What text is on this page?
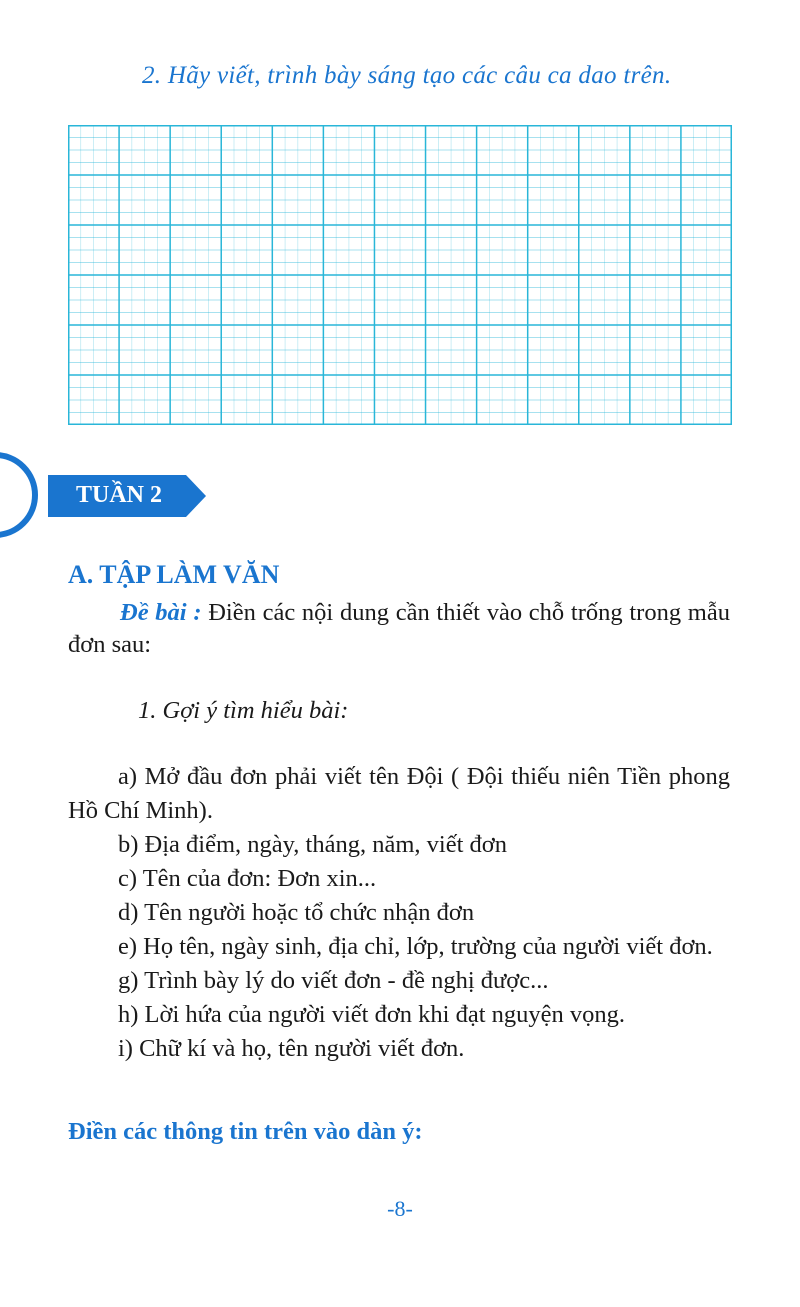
2. Hãy viết, trình bày sáng tạo các câu ca dao trên.
TUẦN 2
A. TẬP LÀM VĂN
Đề bài : Điền các nội dung cần thiết vào chỗ trống trong mẫu đơn sau:
1. Gợi ý tìm hiểu bài:
a) Mở đầu đơn phải viết tên Đội ( Đội thiếu niên Tiền phong Hồ Chí Minh).
b) Địa điểm, ngày, tháng, năm, viết đơn
c) Tên của đơn: Đơn xin...
d) Tên người hoặc tổ chức nhận đơn
e) Họ tên, ngày sinh, địa chỉ, lớp, trường của người viết đơn.
g) Trình bày lý do viết đơn - đề nghị được...
h) Lời hứa của người viết đơn khi đạt nguyện vọng.
i) Chữ kí và họ, tên người viết đơn.
Điền các thông tin trên vào dàn ý:
-8-
